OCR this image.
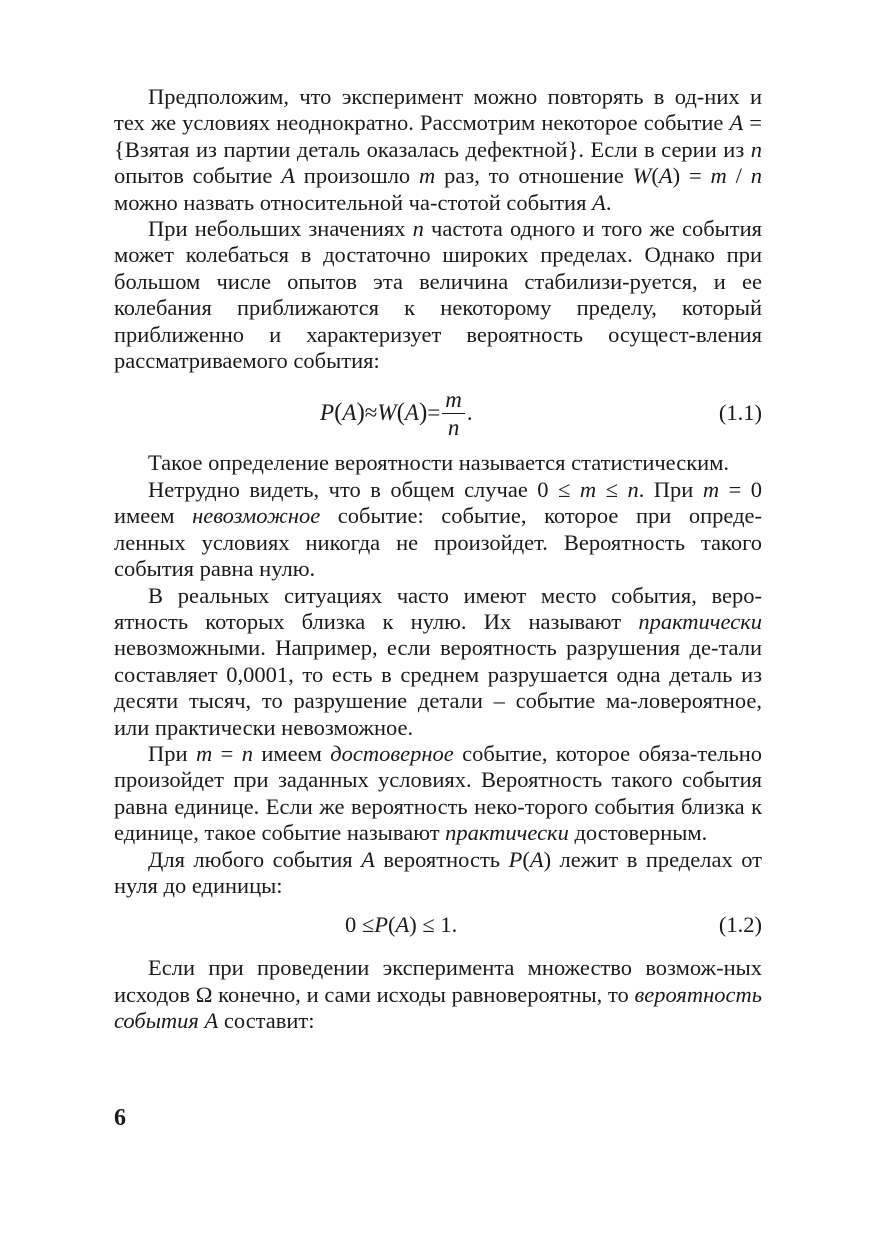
Предположим, что эксперимент можно повторять в од-ниx и тех же условиях неоднократно. Рассмотрим некоторое событие A = {Взятая из партии деталь оказалась дефектной}. Если в серии из n опытов событие A произошло m раз, то отношение W(A) = m / n можно назвать относительной ча-стотой события A.

При небольших значениях n частота одного и того же события может колебаться в достаточно широких пределах. Однако при большом числе опытов эта величина стабилизи-руется, и ее колебания приближаются к некоторому пределу, который приближенно и характеризует вероятность осущест-вления рассматриваемого события:

P ( A ) ≈ W ( A ) = $\frac{m}{n}$ .	(1.1)

Такое определение вероятности называется статистическим.

Нетрудно видеть, что в общем случае 0 ≤ m ≤ n. При m = 0 имеем невозможное событие: событие, которое при опреде-ленных условиях никогда не произойдет. Вероятность такого события равна нулю.

В реальных ситуациях часто имеют место события, веро-ятность которых близка к нулю. Их называют практически невозможными. Например, если вероятность разрушения де-тали составляет 0,0001, то есть в среднем разрушается одна деталь из десяти тысяч, то разрушение детали – событие ма-ловероятное, или практически невозможное.

При m = n имеем достоверное событие, которое обяза-тельно произойдет при заданных условиях. Вероятность такого события равна единице. Если же вероятность неко-торого события близка к единице, такое событие называют практически достоверным.

Для любого события A вероятность P(A) лежит в пределах от нуля до единицы:

0 ≤ P ( A ) ≤ 1.	(1.2)

Если при проведении эксперимента множество возмож-ных исходов Ω конечно, и сами исходы равновероятны, то вероятность события A составит:

6
